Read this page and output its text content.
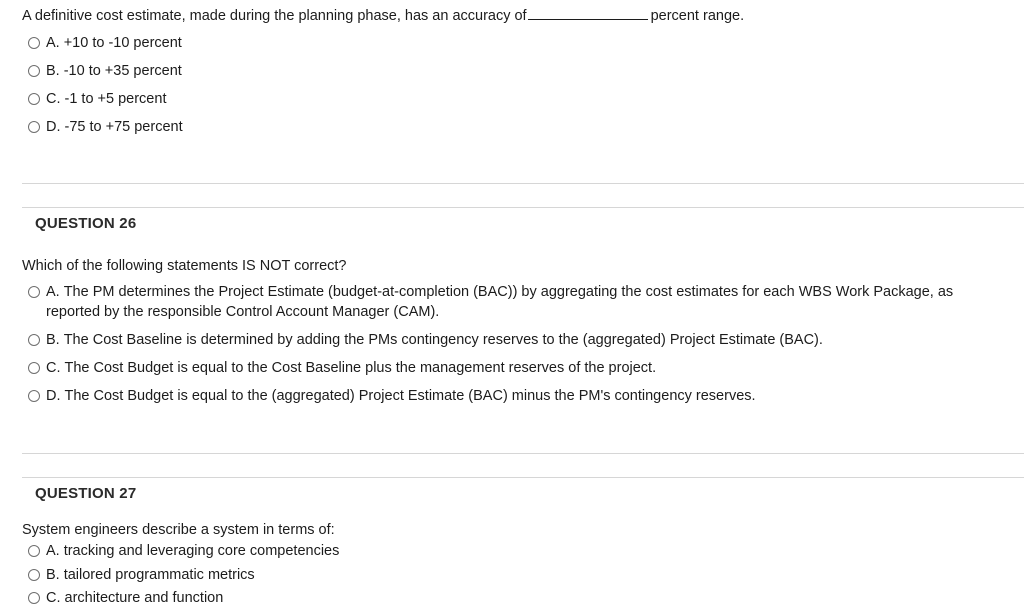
A definitive cost estimate, made during the planning phase, has an accuracy of	percent range.
A. +10 to -10 percent
B. -10 to +35 percent
C. -1 to +5 percent
D. -75 to +75 percent
QUESTION 26
Which of the following statements IS NOT correct?
A. The PM determines the Project Estimate (budget-at-completion (BAC)) by aggregating the cost estimates for each WBS Work Package, as reported by the responsible Control Account Manager (CAM).
B. The Cost Baseline is determined by adding the PMs contingency reserves to the (aggregated) Project Estimate (BAC).
C. The Cost Budget is equal to the Cost Baseline plus the management reserves of the project.
D. The Cost Budget is equal to the (aggregated) Project Estimate (BAC) minus the PM's contingency reserves.
QUESTION 27
System engineers describe a system in terms of:
A. tracking and leveraging core competencies
B. tailored programmatic metrics
C. architecture and function
